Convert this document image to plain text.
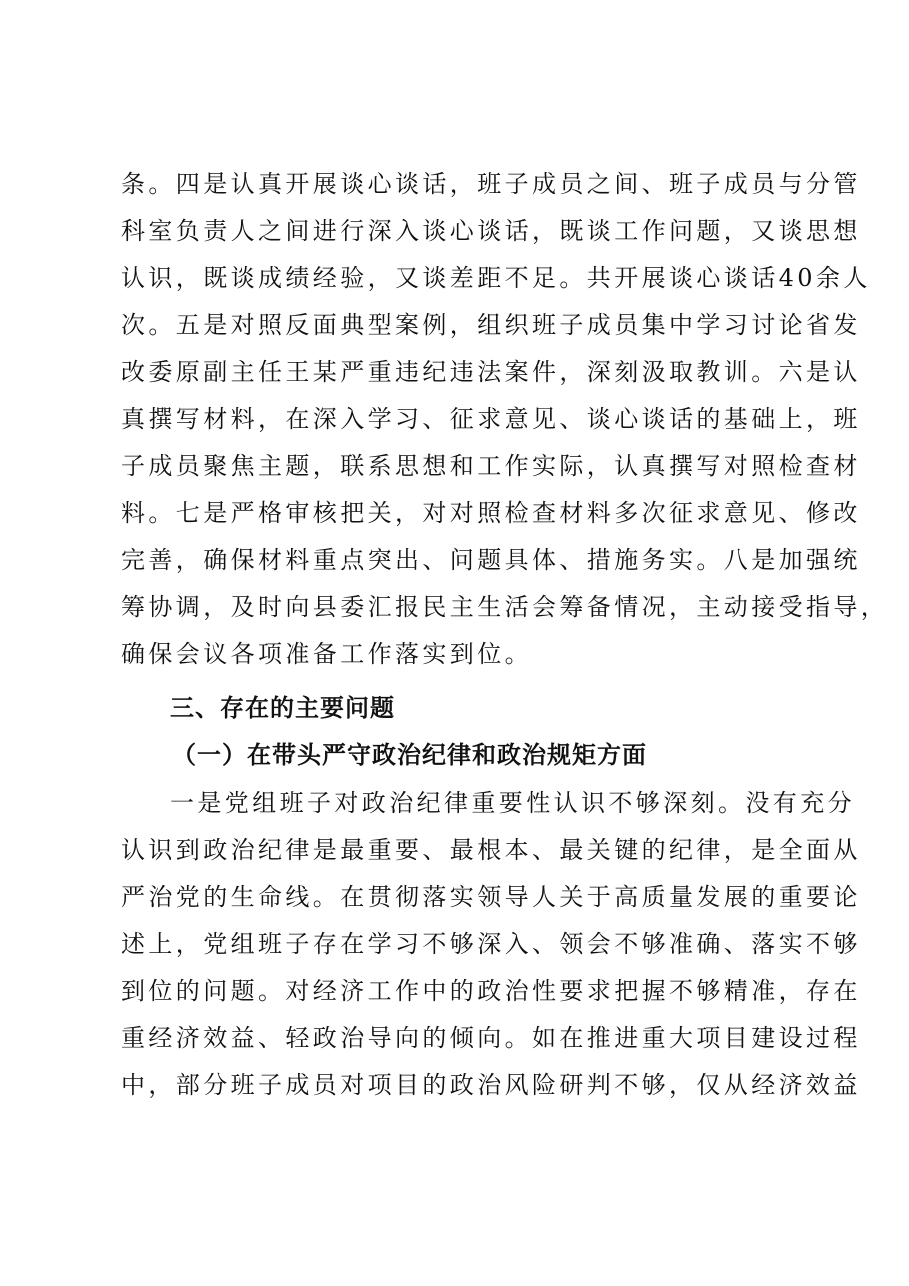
条。四是认真开展谈心谈话，班子成员之间、班子成员与分管
科室负责人之间进行深入谈心谈话，既谈工作问题，又谈思想
认识，既谈成绩经验，又谈差距不足。共开展谈心谈话40余人
次。五是对照反面典型案例，组织班子成员集中学习讨论省发
改委原副主任王某严重违纪违法案件，深刻汲取教训。六是认
真撰写材料，在深入学习、征求意见、谈心谈话的基础上，班
子成员聚焦主题，联系思想和工作实际，认真撰写对照检查材
料。七是严格审核把关，对对照检查材料多次征求意见、修改
完善，确保材料重点突出、问题具体、措施务实。八是加强统
筹协调，及时向县委汇报民主生活会筹备情况，主动接受指导，
确保会议各项准备工作落实到位。
三、存在的主要问题
（一）在带头严守政治纪律和政治规矩方面
一是党组班子对政治纪律重要性认识不够深刻。没有充分
认识到政治纪律是最重要、最根本、最关键的纪律，是全面从
严治党的生命线。在贯彻落实领导人关于高质量发展的重要论
述上，党组班子存在学习不够深入、领会不够准确、落实不够
到位的问题。对经济工作中的政治性要求把握不够精准，存在
重经济效益、轻政治导向的倾向。如在推进重大项目建设过程
中，部分班子成员对项目的政治风险研判不够，仅从经济效益
